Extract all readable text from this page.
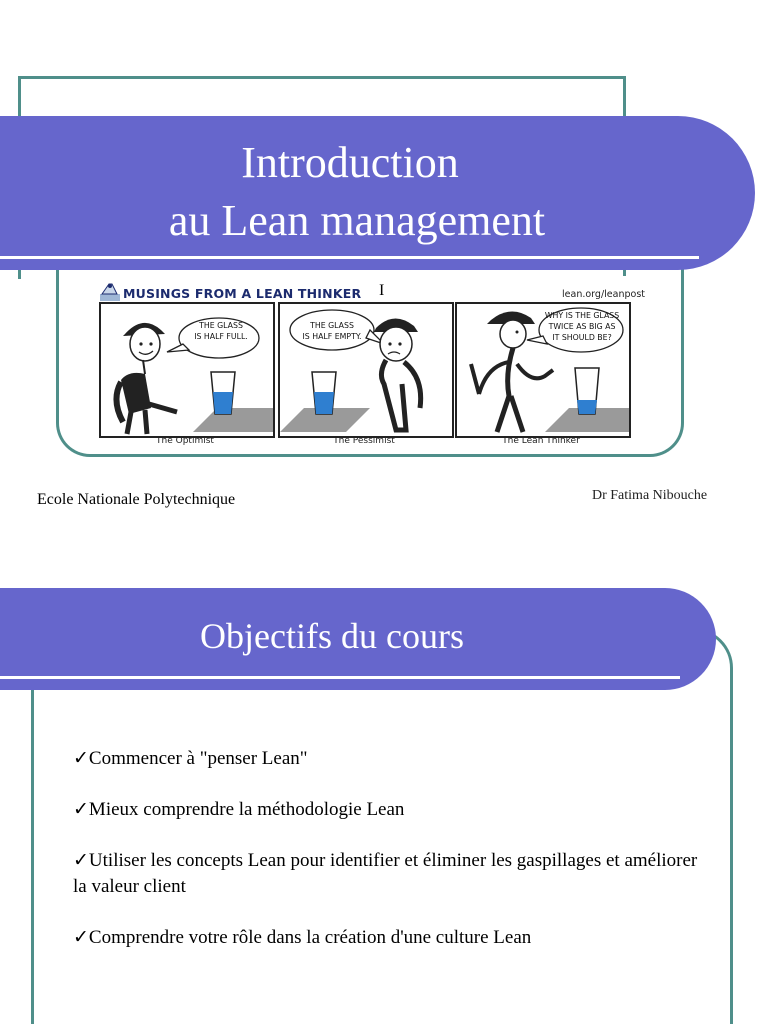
Introduction
au Lean management
MUSINGS FROM A LEAN THINKER I	lean.org/leanpost
THE GLASS
IS HALF FULL.
The Optimist
THE GLASS
IS HALF EMPTY.
The Pessimist
WHY IS THE GLASS
TWICE AS BIG AS
IT SHOULD BE?
The Lean Thinker
Ecole Nationale Polytechnique	Dr Fatima Nibouche
Objectifs du cours
✓Commencer à "penser Lean"
✓Mieux comprendre la méthodologie Lean
✓Utiliser les concepts Lean pour identifier et éliminer les gaspillages et améliorer la valeur client
✓Comprendre votre rôle dans la création d'une culture Lean
